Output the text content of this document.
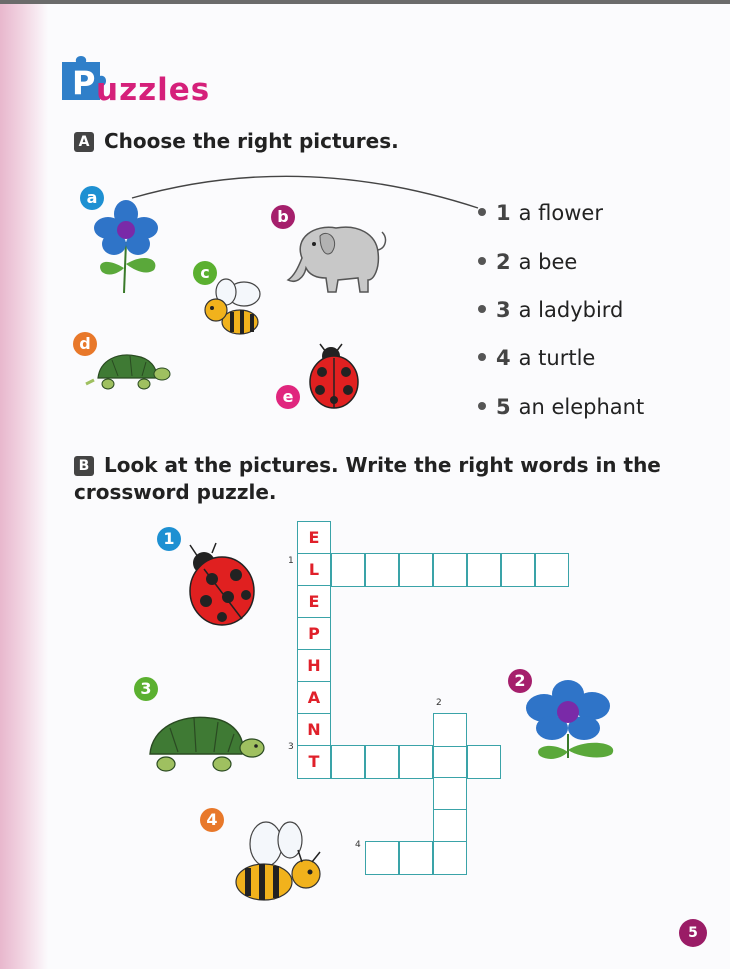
P uzzles
A Choose the right pictures.
a
b
c
d
e
1 a flower
2 a bee
3 a ladybird
4 a turtle
5 an elephant
B Look at the pictures. Write the right words in the crossword puzzle.
1
2
3
4
E
L
E
P
H
A
N
T
1
2
3
4
5
